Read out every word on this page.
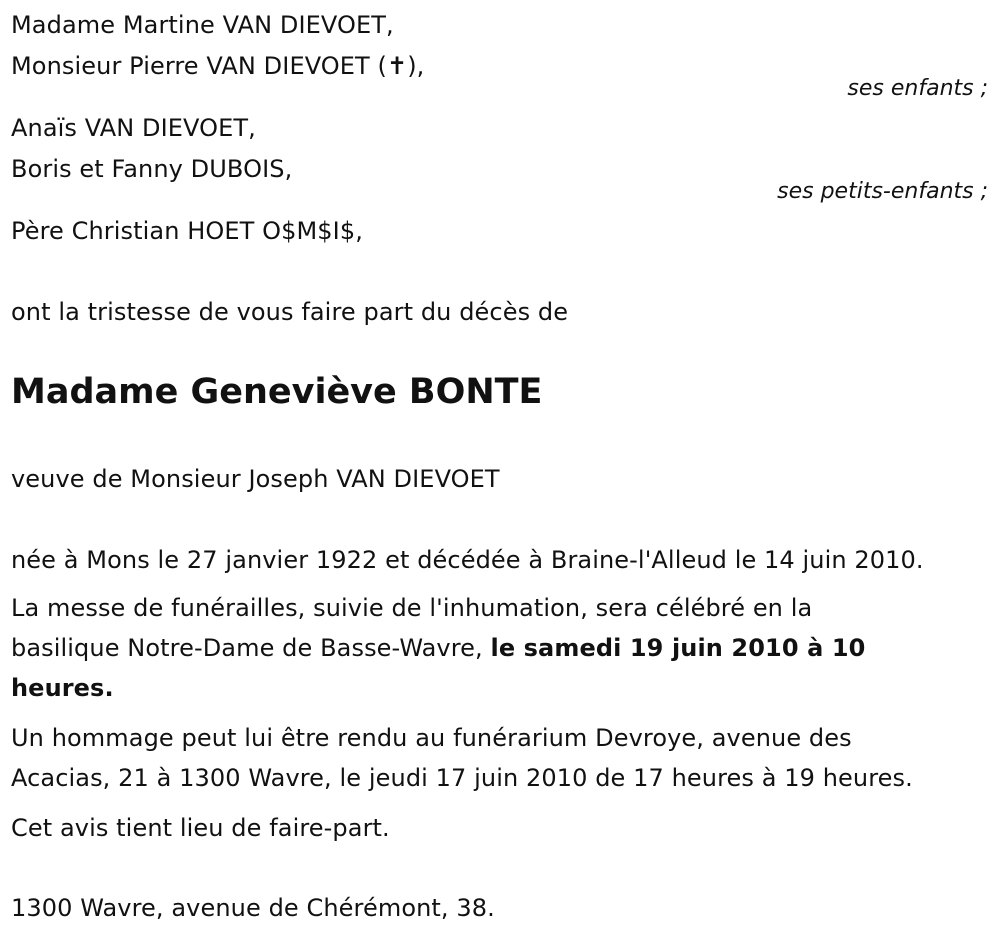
Madame Martine VAN DIEVOET,
Monsieur Pierre VAN DIEVOET (✝),
ses enfants ;
Anaïs VAN DIEVOET,
Boris et Fanny DUBOIS,
ses petits-enfants ;
Père Christian HOET O$M$I$,
ont la tristesse de vous faire part du décès de
Madame Geneviève BONTE
veuve de Monsieur Joseph VAN DIEVOET
née à Mons le 27 janvier 1922 et décédée à Braine-l'Alleud le 14 juin 2010.
La messe de funérailles, suivie de l'inhumation, sera célébré en la
basilique Notre-Dame de Basse-Wavre, le samedi 19 juin 2010 à 10
heures.
Un hommage peut lui être rendu au funérarium Devroye, avenue des
Acacias, 21 à 1300 Wavre, le jeudi 17 juin 2010 de 17 heures à 19 heures.
Cet avis tient lieu de faire-part.
1300 Wavre, avenue de Chérémont, 38.
